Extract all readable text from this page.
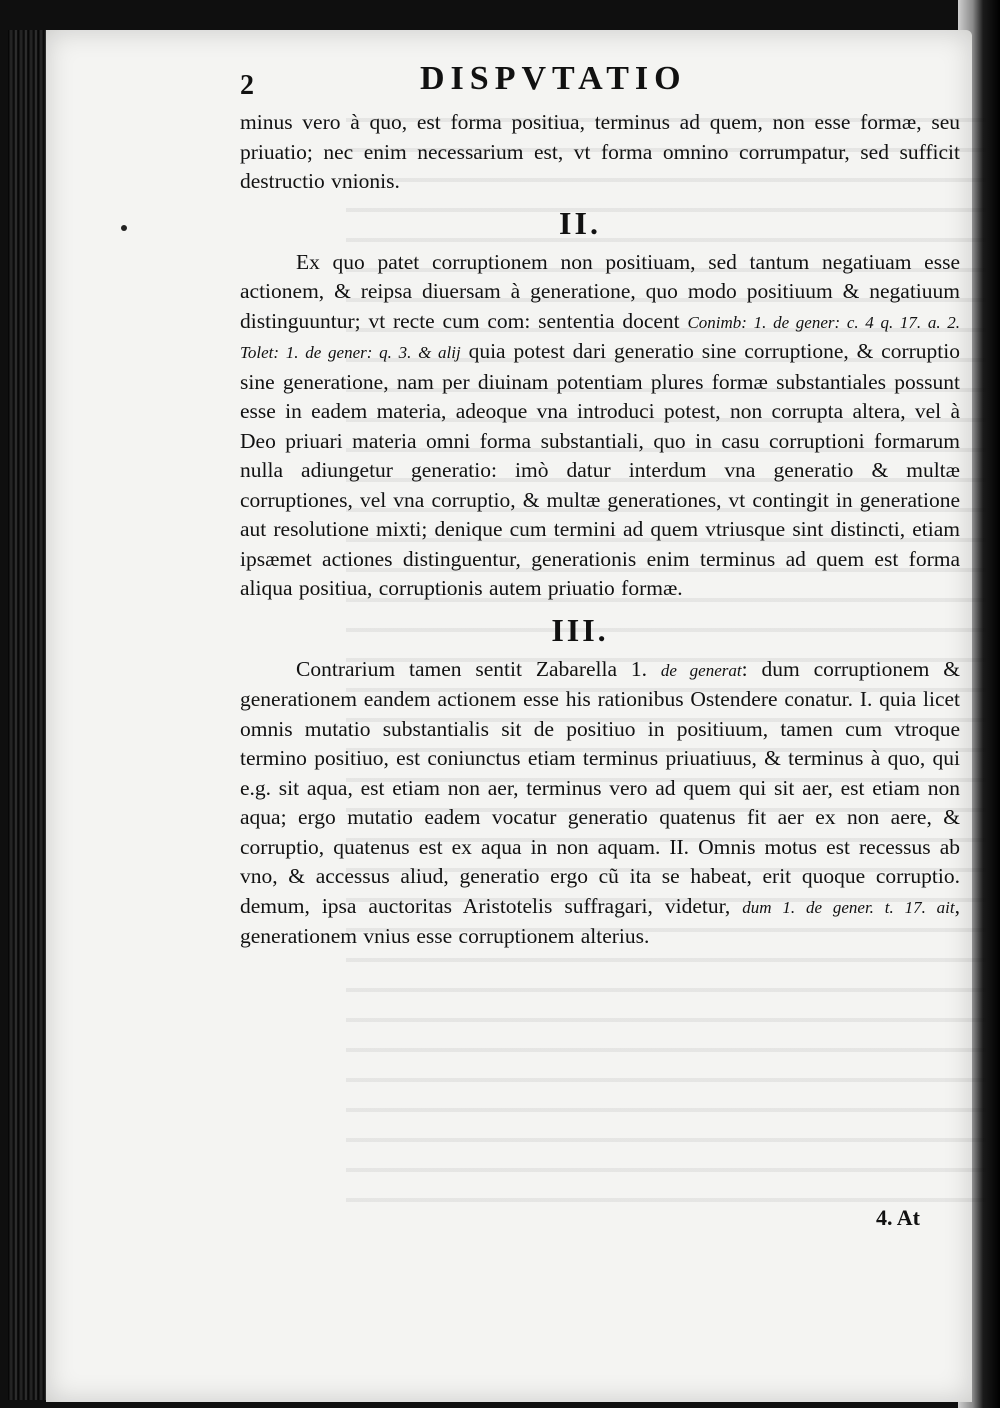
4. At
2	DISPVTATIO

minus vero à quo, est forma positiua, terminus ad quem, non esse formæ, seu priuatio; nec enim necessarium est, vt forma omnino corrumpatur, sed sufficit destructio vnionis.

II.

Ex quo patet corruptionem non positiuam, sed tantum negatiuam esse actionem, & reipsa diuersam à generatione, quo modo positiuum & negatiuum distinguuntur; vt recte cum com: sententia docent Conimb: 1. de gener: c. 4 q. 17. a. 2. Tolet: 1. de gener: q. 3. & alij quia potest dari generatio sine corruptione, & corruptio sine generatione, nam per diuinam potentiam plures formæ substantiales possunt esse in eadem materia, adeoque vna introduci potest, non corrupta altera, vel à Deo priuari materia omni forma substantiali, quo in casu corruptioni formarum nulla adiungetur generatio: imò datur interdum vna generatio & multæ corruptiones, vel vna corruptio, & multæ generationes, vt contingit in generatione aut resolutione mixti; denique cum termini ad quem vtriusque sint distincti, etiam ipsæmet actiones distinguentur, generationis enim terminus ad quem est forma aliqua positiua, corruptionis autem priuatio formæ.

III.

Contrarium tamen sentit Zabarella 1. de generat: dum corruptionem & generationem eandem actionem esse his rationibus Ostendere conatur. I. quia licet omnis mutatio substantialis sit de positiuo in positiuum, tamen cum vtroque termino positiuo, est coniunctus etiam terminus priuatiuus, & terminus à quo, qui e.g. sit aqua, est etiam non aer, terminus vero ad quem qui sit aer, est etiam non aqua; ergo mutatio eadem vocatur generatio quatenus fit aer ex non aere, & corruptio, quatenus est ex aqua in non aquam. II. Omnis motus est recessus ab vno, & accessus aliud, generatio ergo cũ ita se habeat, erit quoque corruptio. demum, ipsa auctoritas Aristotelis suffragari, videtur, dum 1. de gener. t. 17. ait, generationem vnius esse corruptionem alterius.
